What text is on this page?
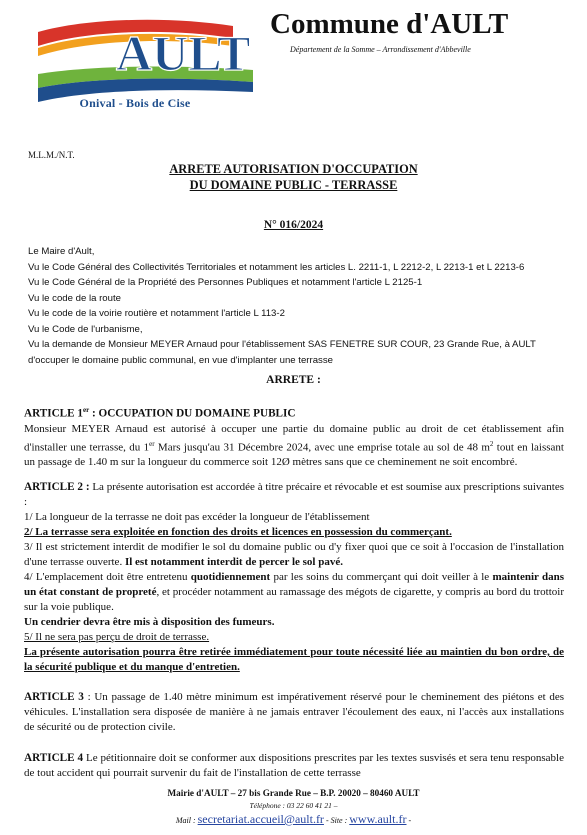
AULT
Onival - Bois de Cise
Commune d'AULT
Département de la Somme – Arrondissement d'Abbeville
M.L.M./N.T.
ARRETE AUTORISATION D'OCCUPATION
DU DOMAINE PUBLIC - TERRASSE
N° 016/2024
Le Maire d'Ault,
Vu le Code Général des Collectivités Territoriales et notamment les articles L. 2211-1, L 2212-2, L 2213-1 et L 2213-6
Vu le Code Général de la Propriété des Personnes Publiques et notamment l'article L 2125-1
Vu le code de la route
Vu le code de la voirie routière et notamment l'article L 113-2
Vu le Code de l'urbanisme,
Vu la demande de Monsieur MEYER Arnaud pour l'établissement SAS FENETRE SUR COUR, 23 Grande Rue, à AULT d'occuper le domaine public communal, en vue d'implanter une terrasse
ARRETE :

ARTICLE 1er : OCCUPATION DU DOMAINE PUBLIC

Monsieur MEYER Arnaud est autorisé à occuper une partie du domaine public au droit de cet établissement afin d'installer une terrasse, du 1er Mars jusqu'au 31 Décembre 2024, avec une emprise totale au sol de 48 $m^2$ tout en laissant un passage de 1.40 m sur la longueur du commerce soit 12Ø mètres sans que ce cheminement ne soit encombré.

ARTICLE 2 : La présente autorisation est accordée à titre précaire et révocable et est soumise aux prescriptions suivantes :

1/ La longueur de la terrasse ne doit pas excéder la longueur de l'établissement

2/ La terrasse sera exploitée en fonction des droits et licences en possession du commerçant.

3/ Il est strictement interdit de modifier le sol du domaine public ou d'y fixer quoi que ce soit à l'occasion de l'installation d'une terrasse ouverte. Il est notamment interdit de percer le sol pavé.

4/ L'emplacement doit être entretenu quotidiennement par les soins du commerçant qui doit veiller à le maintenir dans un état constant de propreté, et procéder notamment au ramassage des mégots de cigarette, y compris au bord du trottoir sur la voie publique.

Un cendrier devra être mis à disposition des fumeurs.

5/ Il ne sera pas perçu de droit de terrasse.

La présente autorisation pourra être retirée immédiatement pour toute nécessité liée au maintien du bon ordre, de la sécurité publique et du manque d'entretien.

ARTICLE 3 : Un passage de 1.40 mètre minimum est impérativement réservé pour le cheminement des piétons et des véhicules. L'installation sera disposée de manière à ne jamais entraver l'écoulement des eaux, ni l'accès aux installations de sécurité ou de protection civile.

ARTICLE 4 Le pétitionnaire doit se conformer aux dispositions prescrites par les textes susvisés et sera tenu responsable de tout accident qui pourrait survenir du fait de l'installation de cette terrasse

Mairie d'AULT – 27 bis Grande Rue – B.P. 20020 – 80460 AULT
Téléphone : 03 22 60 41 21 –
Mail : secretariat.accueil@ault.fr - Site : www.ault.fr -
